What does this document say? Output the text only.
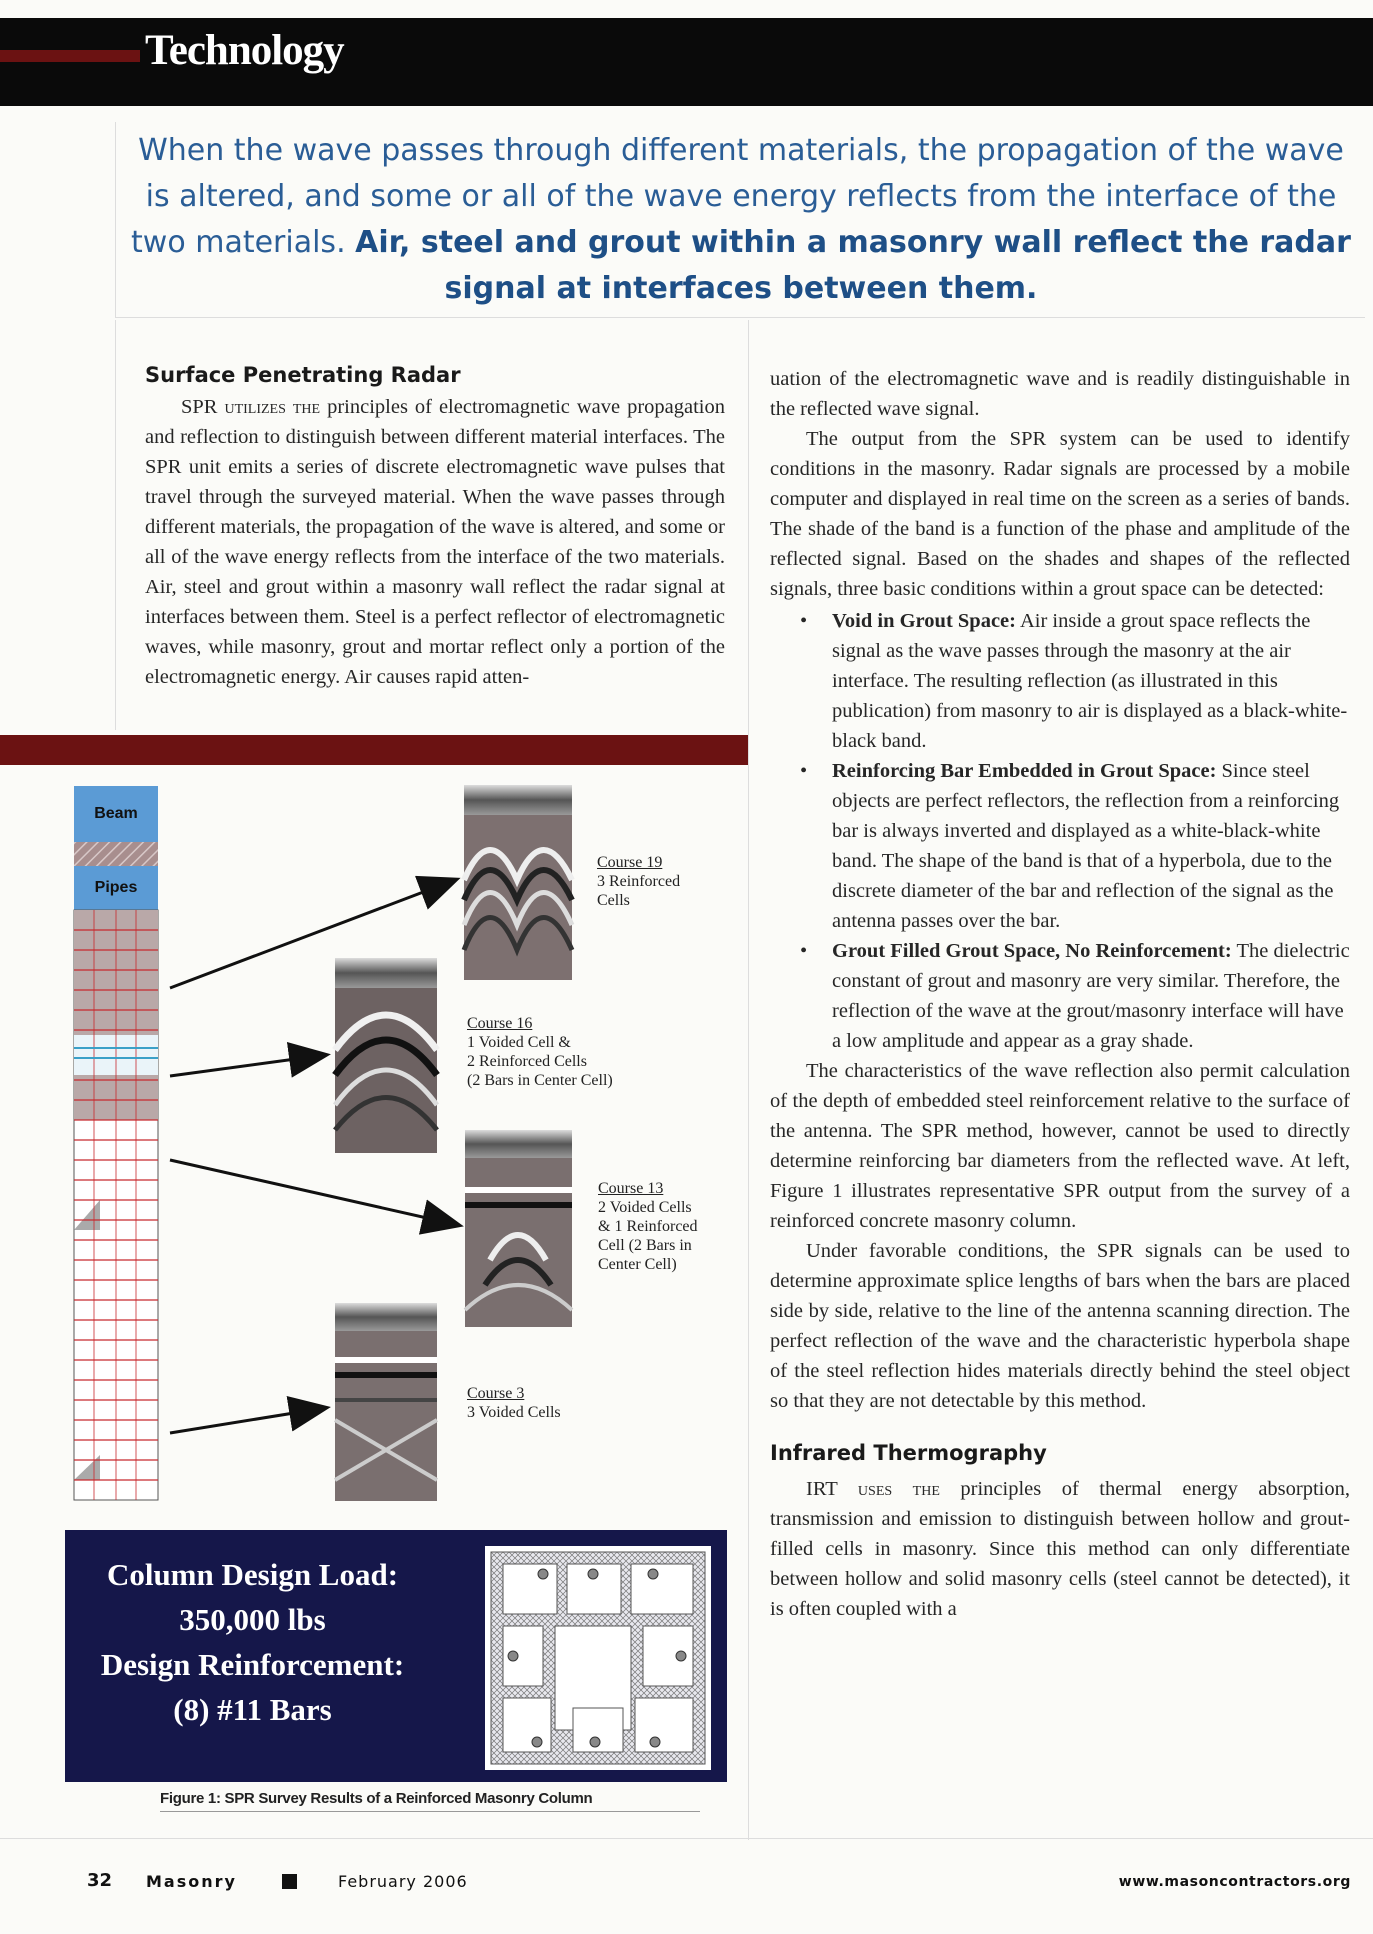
Technology

When the wave passes through different materials, the propagation of the wave is altered, and some or all of the wave energy reflects from the interface of the two materials. Air, steel and grout within a masonry wall reflect the radar signal at interfaces between them.

Surface Penetrating Radar

SPR utilizes the principles of electromagnetic wave propagation and reflection to distinguish between different material interfaces. The SPR unit emits a series of discrete electromagnetic wave pulses that travel through the surveyed material. When the wave passes through different materials, the propagation of the wave is altered, and some or all of the wave energy reflects from the interface of the two materials. Air, steel and grout within a masonry wall reflect the radar signal at interfaces between them. Steel is a perfect reflector of electromagnetic waves, while masonry, grout and mortar reflect only a portion of the electromagnetic energy. Air causes rapid atten-

uation of the electromagnetic wave and is readily distinguishable in the reflected wave signal.

The output from the SPR system can be used to identify conditions in the masonry. Radar signals are processed by a mobile computer and displayed in real time on the screen as a series of bands. The shade of the band is a function of the phase and amplitude of the reflected signal. Based on the shades and shapes of the reflected signals, three basic conditions within a grout space can be detected:

• Void in Grout Space: Air inside a grout space reflects the signal as the wave passes through the masonry at the air interface. The resulting reflection (as illustrated in this publication) from masonry to air is displayed as a black-white-black band.
• Reinforcing Bar Embedded in Grout Space: Since steel objects are perfect reflectors, the reflection from a reinforcing bar is always inverted and displayed as a white-black-white band. The shape of the band is that of a hyperbola, due to the discrete diameter of the bar and reflection of the signal as the antenna passes over the bar.
• Grout Filled Grout Space, No Reinforcement: The dielectric constant of grout and masonry are very similar. Therefore, the reflection of the wave at the grout/masonry interface will have a low amplitude and appear as a gray shade.

The characteristics of the wave reflection also permit calculation of the depth of embedded steel reinforcement relative to the surface of the antenna. The SPR method, however, cannot be used to directly determine reinforcing bar diameters from the reflected wave. At left, Figure 1 illustrates representative SPR output from the survey of a reinforced concrete masonry column.

Under favorable conditions, the SPR signals can be used to determine approximate splice lengths of bars when the bars are placed side by side, relative to the line of the antenna scanning direction. The perfect reflection of the wave and the characteristic hyperbola shape of the steel reflection hides materials directly behind the steel object so that they are not detectable by this method.

Infrared Thermography

IRT uses the principles of thermal energy absorption, transmission and emission to distinguish between hollow and grout-filled cells in masonry. Since this method can only differentiate between hollow and solid masonry cells (steel cannot be detected), it is often coupled with a

Beam
Pipes
Course 19
3 Reinforced
Cells
Course 16
1 Voided Cell &
2 Reinforced Cells
(2 Bars in Center Cell)
Course 13
2 Voided Cells
& 1 Reinforced
Cell (2 Bars in
Center Cell)
Course 3
3 Voided Cells
Column Design Load:
350,000 lbs
Design Reinforcement:
(8) #11 Bars
Figure 1: SPR Survey Results of a Reinforced Masonry Column
32 Masonry	February 2006	www.masoncontractors.org
